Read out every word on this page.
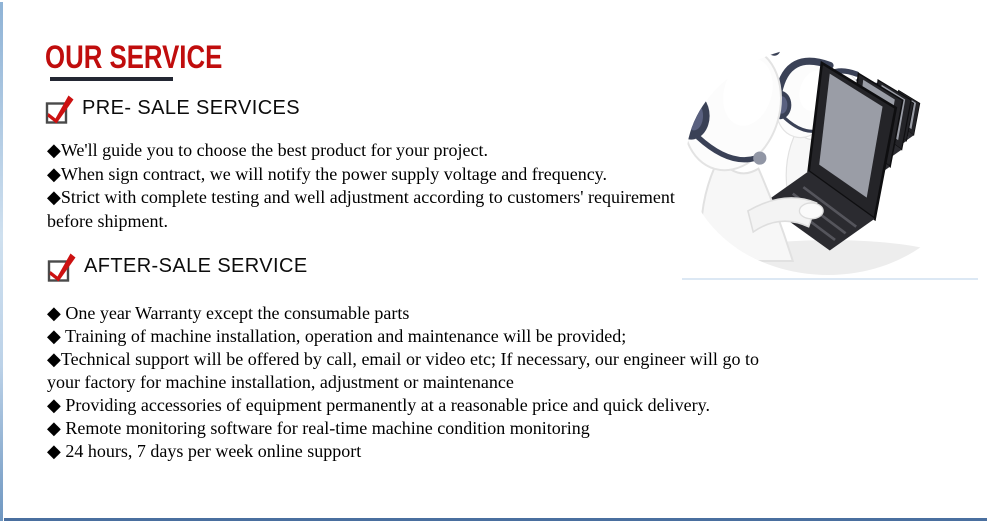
OUR SERVICE
PRE- SALE SERVICES
◆We'll guide you to choose the best product for your project.
◆When sign contract, we will notify the power supply voltage and frequency.
◆Strict with complete testing and well adjustment according to customers' requirement  before shipment.
AFTER-SALE SERVICE
◆ One year Warranty except the consumable parts
◆ Training of machine installation, operation and maintenance will be provided;
◆Technical support will be offered by call, email or video etc; If necessary, our engineer will go to your factory for machine installation, adjustment or maintenance
◆ Providing accessories of equipment permanently at a reasonable price and quick delivery.
◆ Remote monitoring software for real-time machine condition monitoring
◆ 24 hours, 7 days per week online support
